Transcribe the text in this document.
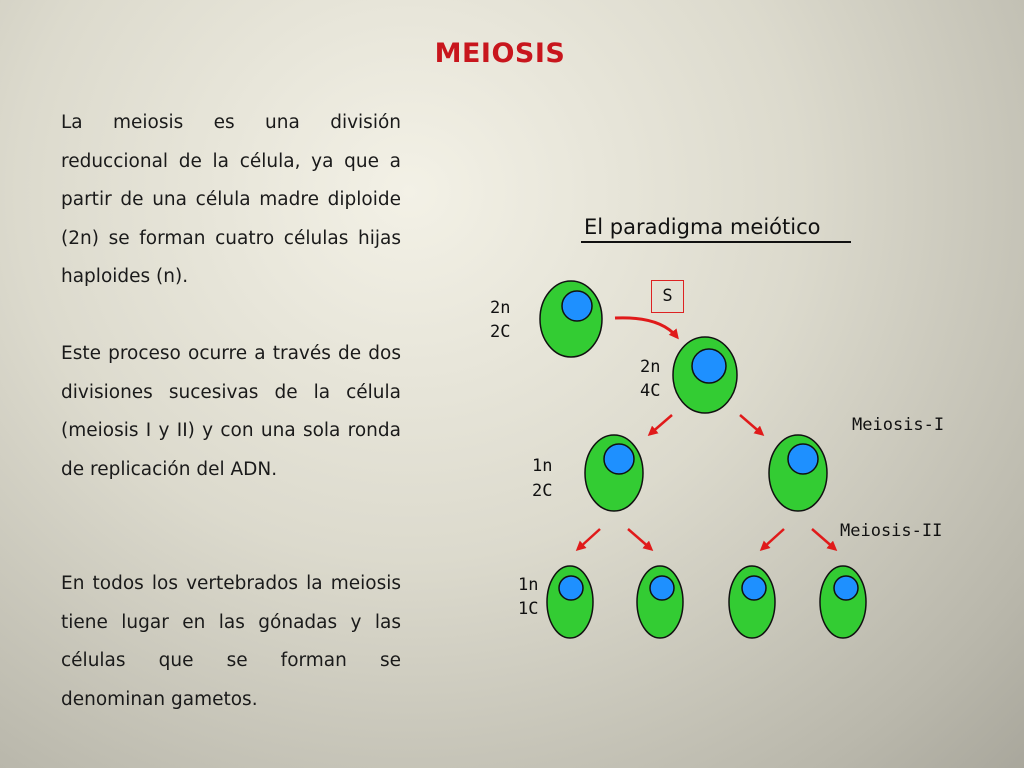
MEIOSIS

La meiosis es una división reduccional de la célula, ya que a partir de una célula madre diploide (2n) se forman cuatro células hijas haploides (n).

Este proceso ocurre a través de dos divisiones sucesivas de la célula (meiosis I y II) y con una sola ronda de replicación del ADN.

En todos los vertebrados la meiosis tiene lugar en las gónadas y las células que se forman se denominan gametos.

El paradigma meiótico
S
2n
2C
2n
4C
Meiosis-I
1n
2C
Meiosis-II
1n
1C
